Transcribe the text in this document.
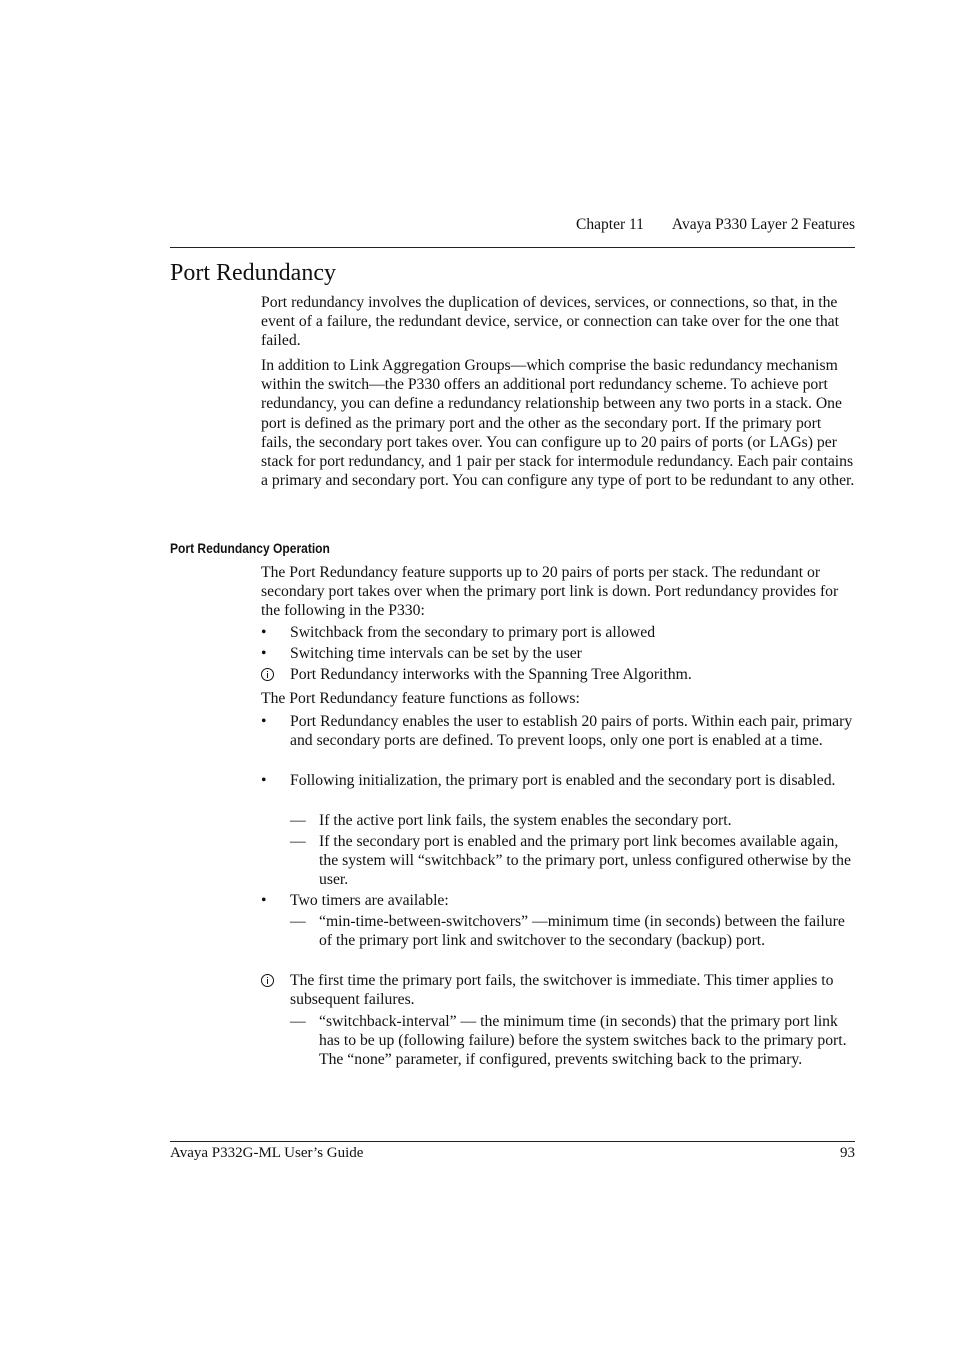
Chapter 11 Avaya P330 Layer 2 Features
Port Redundancy

Port redundancy involves the duplication of devices, services, or connections, so that, in the event of a failure, the redundant device, service, or connection can take over for the one that failed.

In addition to Link Aggregation Groups—which comprise the basic redundancy mechanism within the switch—the P330 offers an additional port redundancy scheme. To achieve port redundancy, you can define a redundancy relationship between any two ports in a stack. One port is defined as the primary port and the other as the secondary port. If the primary port fails, the secondary port takes over. You can configure up to 20 pairs of ports (or LAGs) per stack for port redundancy, and 1 pair per stack for intermodule redundancy. Each pair contains a primary and secondary port. You can configure any type of port to be redundant to any other.

Port Redundancy Operation

The Port Redundancy feature supports up to 20 pairs of ports per stack. The redundant or secondary port takes over when the primary port link is down. Port redundancy provides for the following in the P330:

•	Switchback from the secondary to primary port is allowed
•	Switching time intervals can be set by the user
Port Redundancy interworks with the Spanning Tree Algorithm.

The Port Redundancy feature functions as follows:

•	Port Redundancy enables the user to establish 20 pairs of ports. Within each pair, primary and secondary ports are defined. To prevent loops, only one port is enabled at a time.
•	Following initialization, the primary port is enabled and the secondary port is disabled.
— If the active port link fails, the system enables the secondary port.
— If the secondary port is enabled and the primary port link becomes available again, the system will “switchback” to the primary port, unless configured otherwise by the user.
•	Two timers are available:
— “min-time-between-switchovers” —minimum time (in seconds) between the failure of the primary port link and switchover to the secondary (backup) port.
The first time the primary port fails, the switchover is immediate. This timer applies to subsequent failures.
— “switchback-interval” — the minimum time (in seconds) that the primary port link has to be up (following failure) before the system switches back to the primary port. The “none” parameter, if configured, prevents switching back to the primary.
Avaya P332G-ML User’s Guide	93
